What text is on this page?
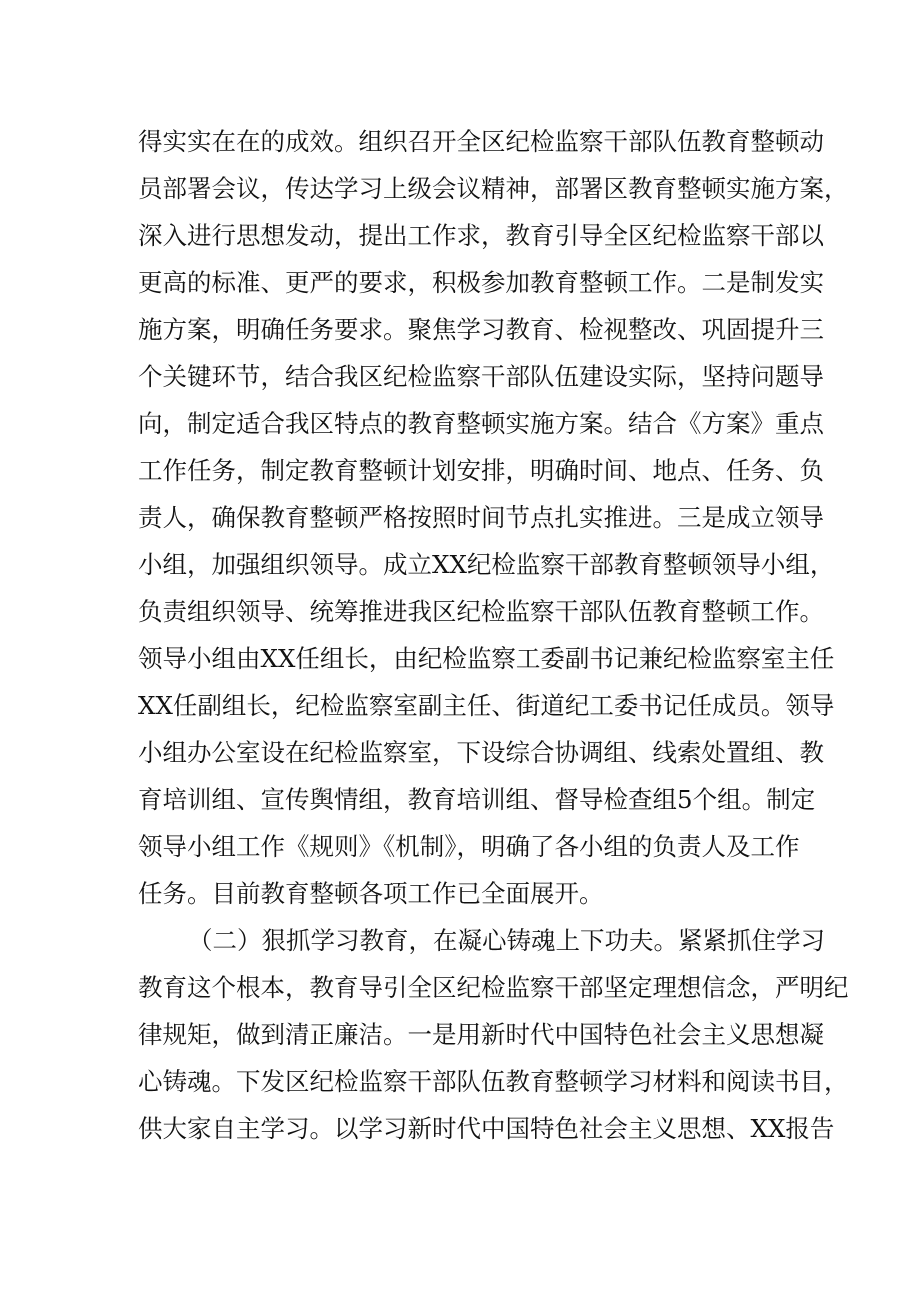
得实实在在的成效。组织召开全区纪检监察干部队伍教育整顿动
员部署会议，传达学习上级会议精神，部署区教育整顿实施方案，
深入进行思想发动，提出工作求，教育引导全区纪检监察干部以
更高的标准、更严的要求，积极参加教育整顿工作。二是制发实
施方案，明确任务要求。聚焦学习教育、检视整改、巩固提升三
个关键环节，结合我区纪检监察干部队伍建设实际，坚持问题导
向，制定适合我区特点的教育整顿实施方案。结合《方案》重点
工作任务，制定教育整顿计划安排，明确时间、地点、任务、负
责人，确保教育整顿严格按照时间节点扎实推进。三是成立领导
小组，加强组织领导。成立XX纪检监察干部教育整顿领导小组，
负责组织领导、统筹推进我区纪检监察干部队伍教育整顿工作。
领导小组由XX任组长，由纪检监察工委副书记兼纪检监察室主任
XX任副组长，纪检监察室副主任、街道纪工委书记任成员。领导
小组办公室设在纪检监察室，下设综合协调组、线索处置组、教
育培训组、宣传舆情组，教育培训组、督导检查组5个组。制定
领导小组工作《规则》《机制》，明确了各小组的负责人及工作
任务。目前教育整顿各项工作已全面展开。
（二）狠抓学习教育，在凝心铸魂上下功夫。紧紧抓住学习
教育这个根本，教育导引全区纪检监察干部坚定理想信念，严明纪
律规矩，做到清正廉洁。一是用新时代中国特色社会主义思想凝
心铸魂。下发区纪检监察干部队伍教育整顿学习材料和阅读书目，
供大家自主学习。以学习新时代中国特色社会主义思想、XX报告
